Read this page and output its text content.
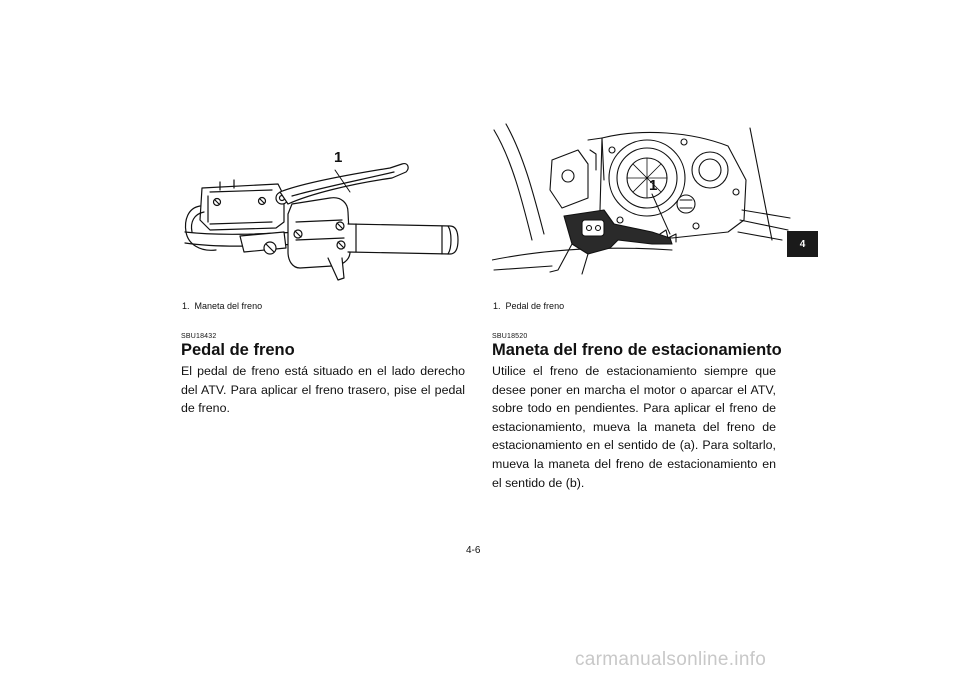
1
1
1. Maneta del freno
SBU18432
Pedal de freno

El pedal de freno está situado en el lado derecho del ATV. Para aplicar el freno trasero, pise el pedal de freno.

1. Pedal de freno
SBU18520
Maneta del freno de estacionamiento

Utilice el freno de estacionamiento siempre que desee poner en marcha el motor o aparcar el ATV, sobre todo en pendientes. Para aplicar el freno de estacionamiento, mueva la maneta del freno de estacionamiento en el sentido de (a). Para soltarlo, mueva la maneta del freno de estacionamiento en el sentido de (b).

4
4-6
carmanualsonline.info
